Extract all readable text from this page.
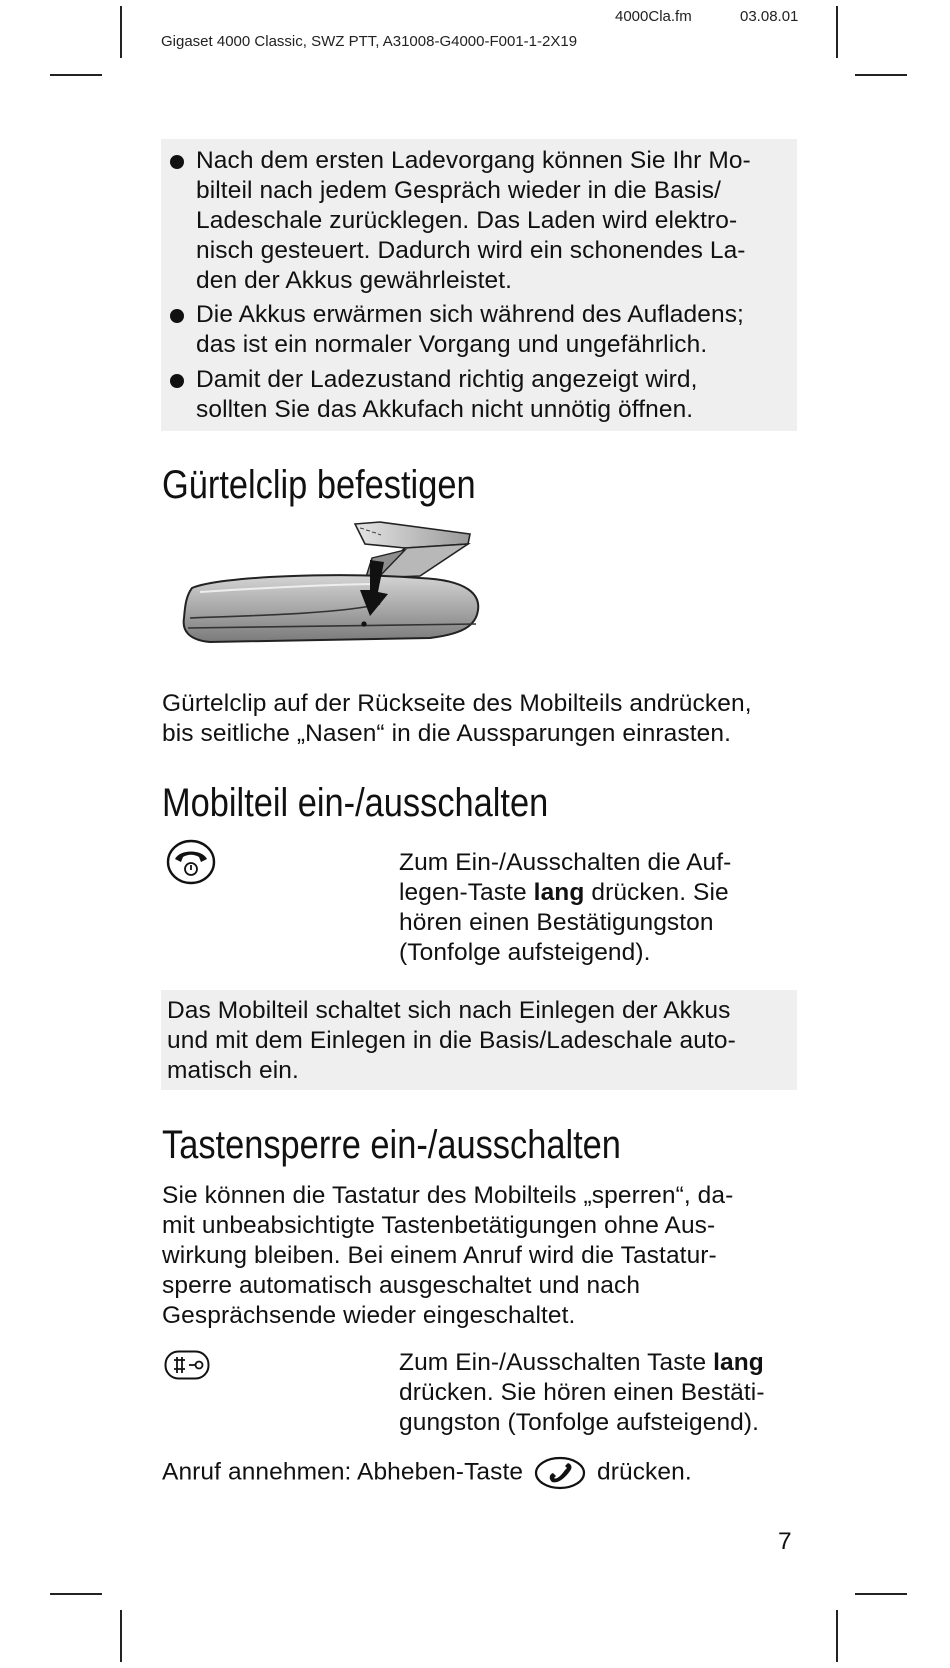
4000Cla.fm	03.08.01
Gigaset 4000 Classic, SWZ PTT, A31008-G4000-F001-1-2X19
Nach dem ersten Ladevorgang können Sie Ihr Mo-
bilteil nach jedem Gespräch wieder in die Basis/
Ladeschale zurücklegen. Das Laden wird elektro-
nisch gesteuert. Dadurch wird ein schonendes La-
den der Akkus gewährleistet.
Die Akkus erwärmen sich während des Aufladens;
das ist ein normaler Vorgang und ungefährlich.
Damit der Ladezustand richtig angezeigt wird,
sollten Sie das Akkufach nicht unnötig öffnen.
Gürtelclip befestigen
Gürtelclip auf der Rückseite des Mobilteils andrücken,
bis seitliche „Nasen“ in die Aussparungen einrasten.
Mobilteil ein-/ausschalten
Zum Ein-/Ausschalten die Auf-
legen-Taste lang drücken. Sie
hören einen Bestätigungston
(Tonfolge aufsteigend).
Das Mobilteil schaltet sich nach Einlegen der Akkus
und mit dem Einlegen in die Basis/Ladeschale auto-
matisch ein.
Tastensperre ein-/ausschalten
Sie können die Tastatur des Mobilteils „sperren“, da-
mit unbeabsichtigte Tastenbetätigungen ohne Aus-
wirkung bleiben. Bei einem Anruf wird die Tastatur-
sperre automatisch ausgeschaltet und nach
Gesprächsende wieder eingeschaltet.
Zum Ein-/Ausschalten Taste lang
drücken. Sie hören einen Bestäti-
gungston (Tonfolge aufsteigend).
Anruf annehmen: Abheben-Taste	drücken.
7
